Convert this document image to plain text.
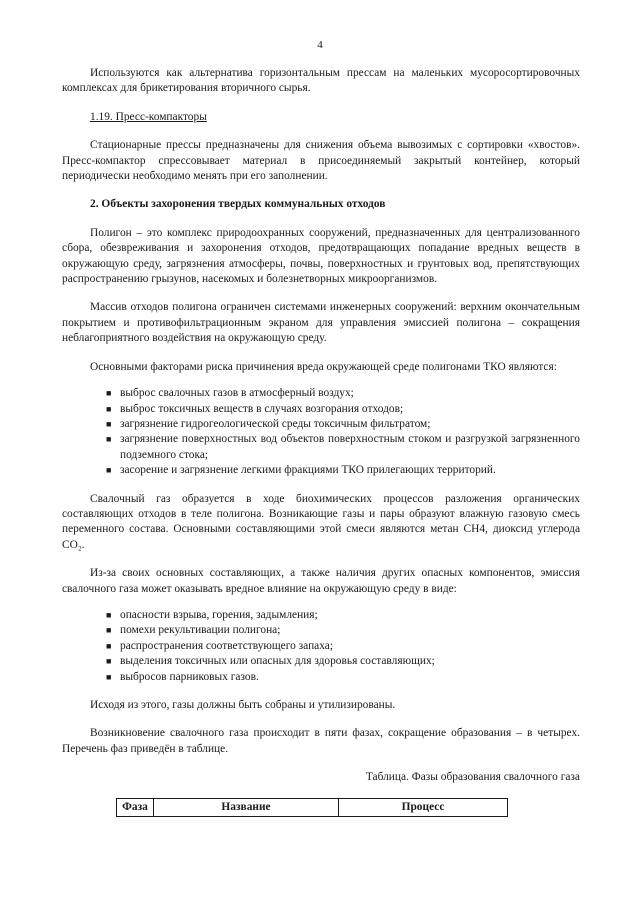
4

Используются как альтернатива горизонтальным прессам на маленьких мусоросортировочных комплексах для брикетирования вторичного сырья.

1.19. Пресс-компакторы

Стационарные прессы предназначены для снижения объема вывозимых с сортировки «хвостов». Пресс-компактор спрессовывает материал в присоединяемый закрытый контейнер, который периодически необходимо менять при его заполнении.

2. Объекты захоронения твердых коммунальных отходов

Полигон – это комплекс природоохранных сооружений, предназначенных для централизованного сбора, обезвреживания и захоронения отходов, предотвращающих попадание вредных веществ в окружающую среду, загрязнения атмосферы, почвы, поверхностных и грунтовых вод, препятствующих распространению грызунов, насекомых и болезнетворных микроорганизмов.

Массив отходов полигона ограничен системами инженерных сооружений: верхним окончательным покрытием и противофильтрационным экраном для управления эмиссией полигона – сокращения неблагоприятного воздействия на окружающую среду.

Основными факторами риска причинения вреда окружающей среде полигонами ТКО являются:

■ выброс свалочных газов в атмосферный воздух;
■ выброс токсичных веществ в случаях возгорания отходов;
■ загрязнение гидрогеологической среды токсичным фильтратом;
■ загрязнение поверхностных вод объектов поверхностным стоком и разгрузкой загрязненного подземного стока;
■ засорение и загрязнение легкими фракциями ТКО прилегающих территорий.

Свалочный газ образуется в ходе биохимических процессов разложения органических составляющих отходов в теле полигона. Возникающие газы и пары образуют влажную газовую смесь переменного состава. Основными составляющими этой смеси являются метан CH4, диоксид углерода CO₂.

Из-за своих основных составляющих, а также наличия других опасных компонентов, эмиссия свалочного газа может оказывать вредное влияние на окружающую среду в виде:

■ опасности взрыва, горения, задымления;
■ помехи рекультивации полигона;
■ распространения соответствующего запаха;
■ выделения токсичных или опасных для здоровья составляющих;
■ выбросов парниковых газов.

Исходя из этого, газы должны быть собраны и утилизированы.

Возникновение свалочного газа происходит в пяти фазах, сокращение образования – в четырех. Перечень фаз приведён в таблице.

Таблица. Фазы образования свалочного газа

Фаза	Название	Процесс
